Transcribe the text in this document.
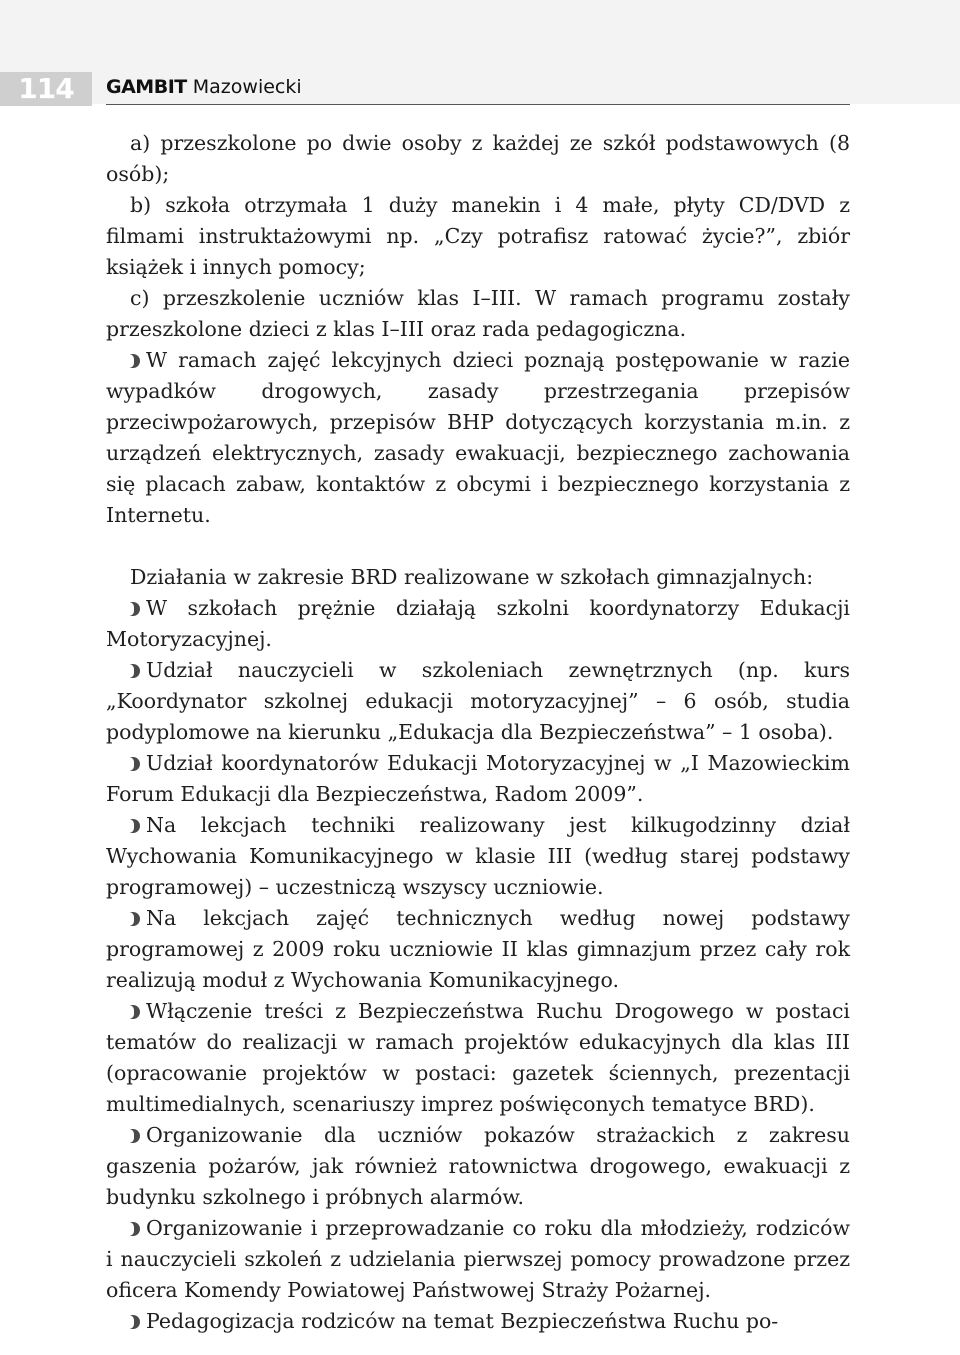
114	GAMBIT Mazowiecki

a) przeszkolone po dwie osoby z każdej ze szkół podstawowych (8 osób);

b) szkoła otrzymała 1 duży manekin i 4 małe, płyty CD/DVD z filmami instruktażowymi np. „Czy potrafisz ratować życie?”, zbiór książek i innych pomocy;

c) przeszkolenie uczniów klas I–III. W ramach programu zostały przeszkolone dzieci z klas I–III oraz rada pedagogiczna.

W ramach zajęć lekcyjnych dzieci poznają postępowanie w razie wypadków drogowych, zasady przestrzegania przepisów przeciwpożarowych, przepisów BHP dotyczących korzystania m.in. z urządzeń elektrycznych, zasady ewakuacji, bezpiecznego zachowania się placach zabaw, kontaktów z obcymi i bezpiecznego korzystania z Internetu.

Działania w zakresie BRD realizowane w szkołach gimnazjalnych:

W szkołach prężnie działają szkolni koordynatorzy Edukacji Motoryzacyjnej.

Udział nauczycieli w szkoleniach zewnętrznych (np. kurs „Koordynator szkolnej edukacji motoryzacyjnej” – 6 osób, studia podyplomowe na kierunku „Edukacja dla Bezpieczeństwa” – 1 osoba).

Udział koordynatorów Edukacji Motoryzacyjnej w „I Mazowieckim Forum Edukacji dla Bezpieczeństwa, Radom 2009”.

Na lekcjach techniki realizowany jest kilkugodzinny dział Wychowania Komunikacyjnego w klasie III (według starej podstawy programowej) – uczestniczą wszyscy uczniowie.

Na lekcjach zajęć technicznych według nowej podstawy programowej z 2009 roku uczniowie II klas gimnazjum przez cały rok realizują moduł z Wychowania Komunikacyjnego.

Włączenie treści z Bezpieczeństwa Ruchu Drogowego w postaci tematów do realizacji w ramach projektów edukacyjnych dla klas III (opracowanie projektów w postaci: gazetek ściennych, prezentacji multimedialnych, scenariuszy imprez poświęconych tematyce BRD).

Organizowanie dla uczniów pokazów strażackich z zakresu gaszenia pożarów, jak również ratownictwa drogowego, ewakuacji z budynku szkolnego i próbnych alarmów.

Organizowanie i przeprowadzanie co roku dla młodzieży, rodziców i nauczycieli szkoleń z udzielania pierwszej pomocy prowadzone przez oficera Komendy Powiatowej Państwowej Straży Pożarnej.

Pedagogizacja rodziców na temat Bezpieczeństwa Ruchu po-
